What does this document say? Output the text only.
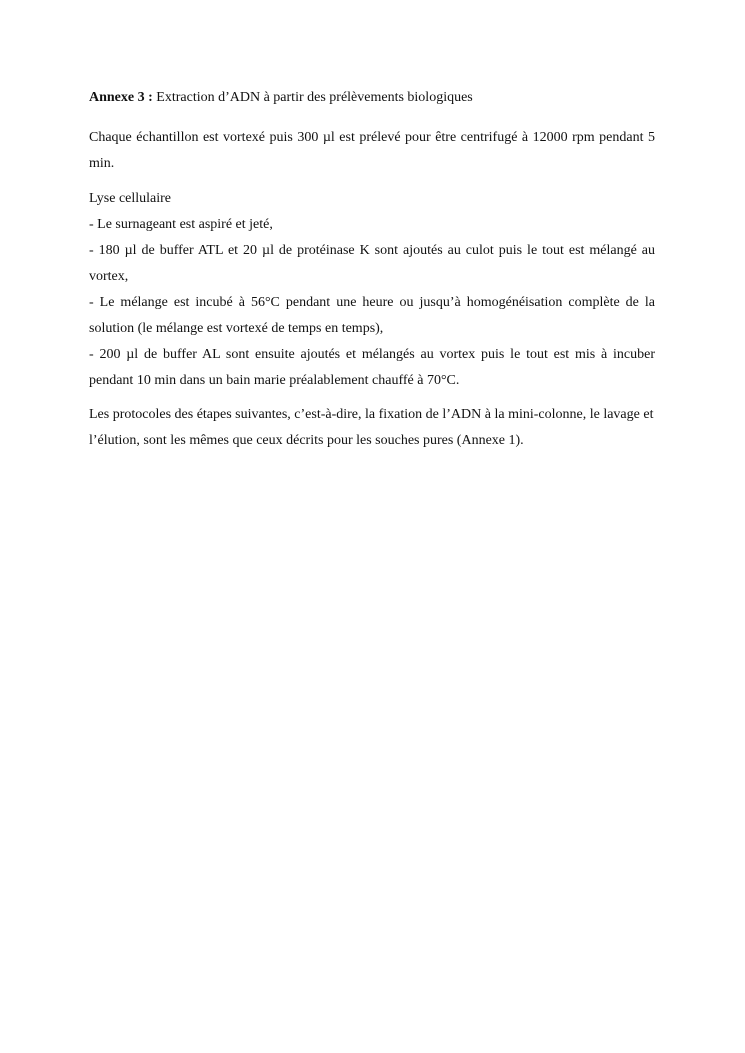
Annexe 3 : Extraction d’ADN à partir des prélèvements biologiques

Chaque échantillon est vortexé puis 300 µl est prélevé pour être centrifugé à 12000 rpm pendant 5 min.

Lyse cellulaire

- Le surnageant est aspiré et jeté,

- 180 µl de buffer ATL et 20 µl de protéinase K sont ajoutés au culot puis le tout est mélangé au vortex,

- Le mélange est incubé à 56°C pendant une heure ou jusqu’à homogénéisation complète de la solution (le mélange est vortexé de temps en temps),

- 200 µl de buffer AL sont ensuite ajoutés et mélangés au vortex puis le tout est mis à incuber pendant 10 min dans un bain marie préalablement chauffé à 70°C.

Les protocoles des étapes suivantes, c’est-à-dire, la fixation de l’ADN à la mini-colonne, le lavage et l’élution, sont les mêmes que ceux décrits pour les souches pures (Annexe 1).
